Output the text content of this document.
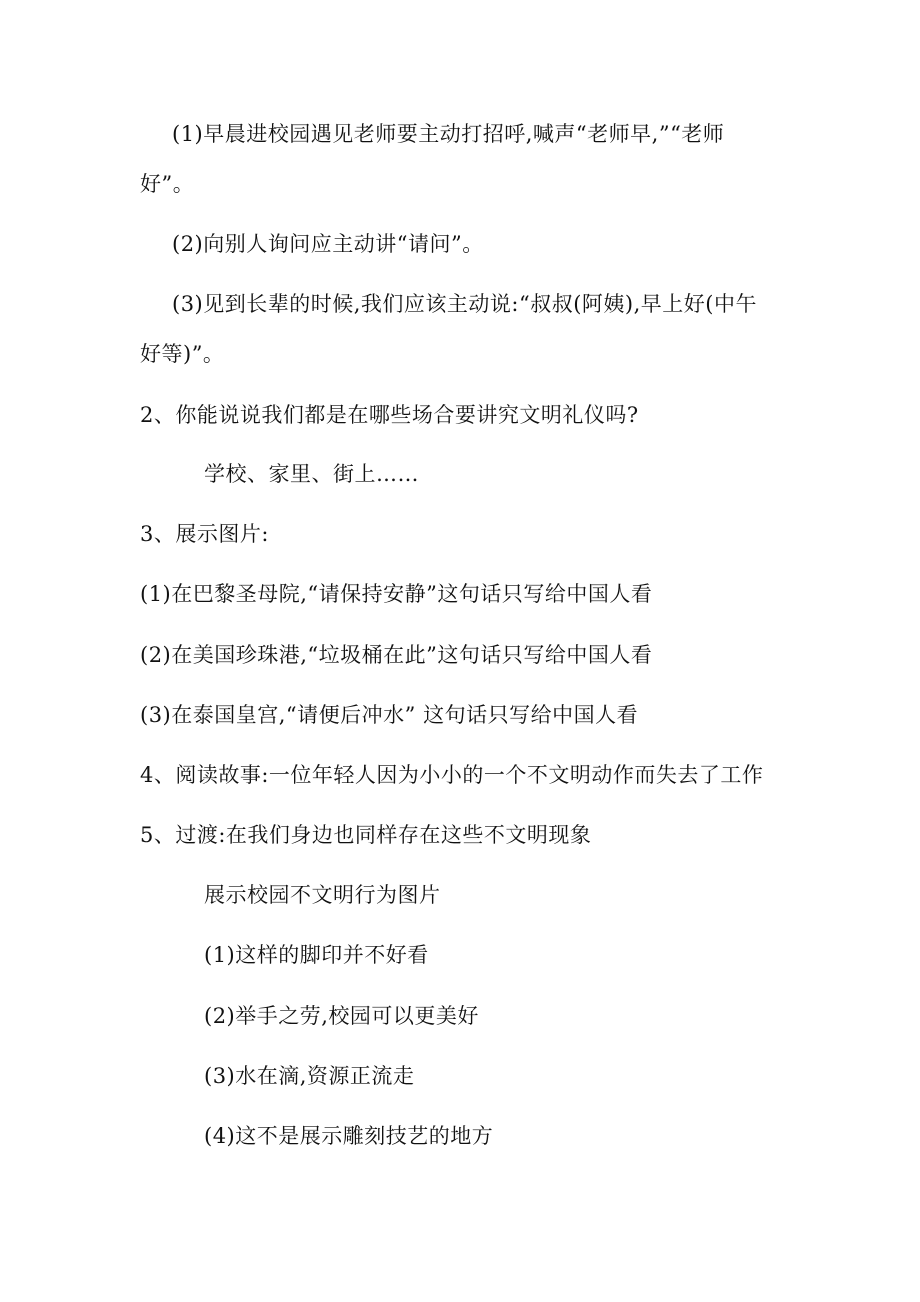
(1)早晨进校园遇见老师要主动打招呼,喊声“老师早,”“老师
好”。
(2)向别人询问应主动讲“请问”。
(3)见到长辈的时候,我们应该主动说:“叔叔(阿姨),早上好(中午
好等)”。
2、你能说说我们都是在哪些场合要讲究文明礼仪吗?
学校、家里、街上……
3、展示图片:
(1)在巴黎圣母院,“请保持安静”这句话只写给中国人看
(2)在美国珍珠港,“垃圾桶在此”这句话只写给中国人看
(3)在泰国皇宫,“请便后冲水” 这句话只写给中国人看
4、阅读故事:一位年轻人因为小小的一个不文明动作而失去了工作
5、过渡:在我们身边也同样存在这些不文明现象
展示校园不文明行为图片
(1)这样的脚印并不好看
(2)举手之劳,校园可以更美好
(3)水在滴,资源正流走
(4)这不是展示雕刻技艺的地方
